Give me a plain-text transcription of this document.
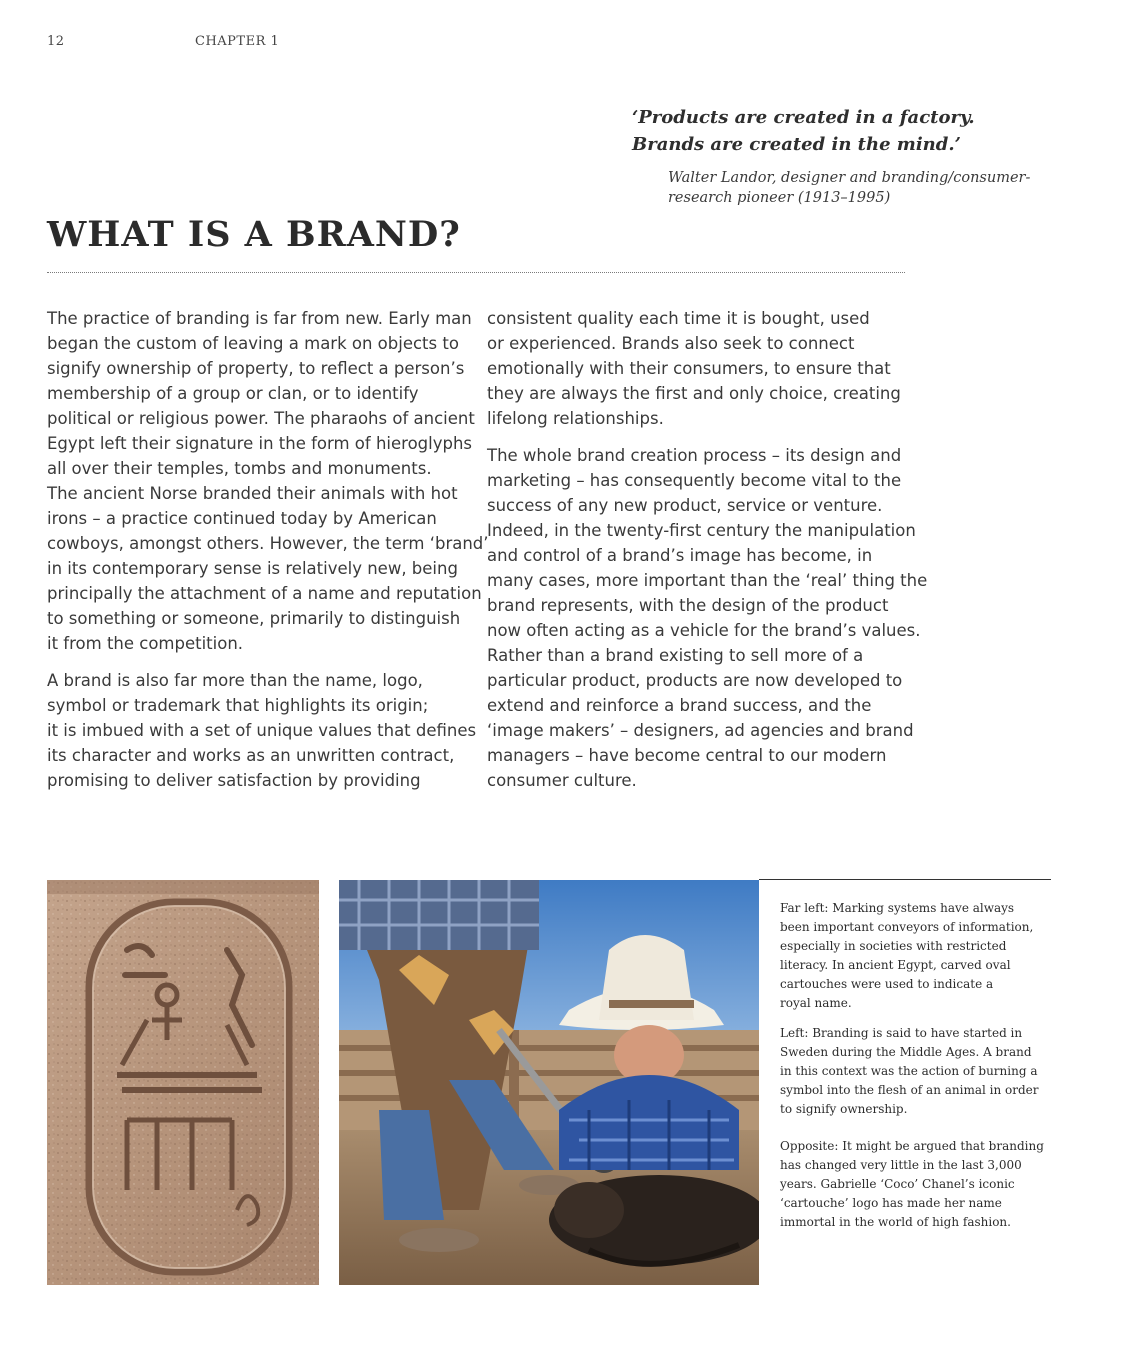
12	CHAPTER 1
‘Products are created in a factory.
Brands are created in the mind.’
Walter Landor, designer and branding/consumer-
research pioneer (1913–1995)
WHAT IS A BRAND?
The practice of branding is far from new. Early man
began the custom of leaving a mark on objects to
signify ownership of property, to reflect a person’s
membership of a group or clan, or to identify
political or religious power. The pharaohs of ancient
Egypt left their signature in the form of hieroglyphs
all over their temples, tombs and monuments.
The ancient Norse branded their animals with hot
irons – a practice continued today by American
cowboys, amongst others. However, the term ‘brand’
in its contemporary sense is relatively new, being
principally the attachment of a name and reputation
to something or someone, primarily to distinguish
it from the competition.
A brand is also far more than the name, logo,
symbol or trademark that highlights its origin;
it is imbued with a set of unique values that defines
its character and works as an unwritten contract,
promising to deliver satisfaction by providing
consistent quality each time it is bought, used
or experienced. Brands also seek to connect
emotionally with their consumers, to ensure that
they are always the first and only choice, creating
lifelong relationships.
The whole brand creation process – its design and
marketing – has consequently become vital to the
success of any new product, service or venture.
Indeed, in the twenty-first century the manipulation
and control of a brand’s image has become, in
many cases, more important than the ‘real’ thing the
brand represents, with the design of the product
now often acting as a vehicle for the brand’s values.
Rather than a brand existing to sell more of a
particular product, products are now developed to
extend and reinforce a brand success, and the
‘image makers’ – designers, ad agencies and brand
managers – have become central to our modern
consumer culture.
Far left: Marking systems have always
been important conveyors of information,
especially in societies with restricted
literacy. In ancient Egypt, carved oval
cartouches were used to indicate a
royal name.
Left: Branding is said to have started in
Sweden during the Middle Ages. A brand
in this context was the action of burning a
symbol into the flesh of an animal in order
to signify ownership.
Opposite: It might be argued that branding
has changed very little in the last 3,000
years. Gabrielle ‘Coco’ Chanel’s iconic
‘cartouche’ logo has made her name
immortal in the world of high fashion.
